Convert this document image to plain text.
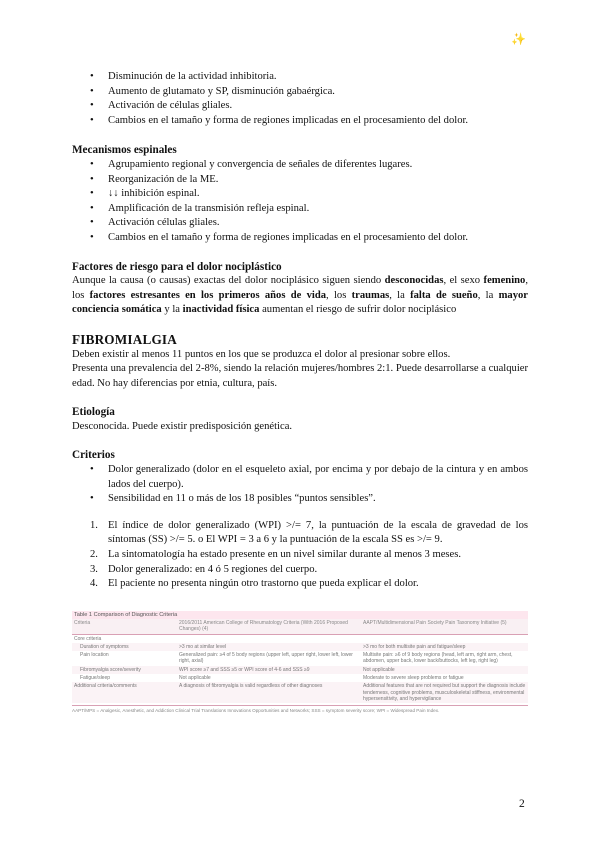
✨
• Disminución de la actividad inhibitoria.
• Aumento de glutamato y SP, disminución gabaérgica.
• Activación de células gliales.
• Cambios en el tamaño y forma de regiones implicadas en el procesamiento del dolor.
Mecanismos espinales
• Agrupamiento regional y convergencia de señales de diferentes lugares.
• Reorganización de la ME.
• ↓↓ inhibición espinal.
• Amplificación de la transmisión refleja espinal.
• Activación células gliales.
• Cambios en el tamaño y forma de regiones implicadas en el procesamiento del dolor.
Factores de riesgo para el dolor nociplástico

Aunque la causa (o causas) exactas del dolor nociplásico siguen siendo desconocidas, el sexo femenino, los factores estresantes en los primeros años de vida, los traumas, la falta de sueño, la mayor conciencia somática y la inactividad física aumentan el riesgo de sufrir dolor nociplásico

FIBROMIALGIA

Deben existir al menos 11 puntos en los que se produzca el dolor al presionar sobre ellos.

Presenta una prevalencia del 2-8%, siendo la relación mujeres/hombres 2:1. Puede desarrollarse a cualquier edad. No hay diferencias por etnia, cultura, país.

Etiología

Desconocida. Puede existir predisposición genética.

Criterios
• Dolor generalizado (dolor en el esqueleto axial, por encima y por debajo de la cintura y en ambos lados del cuerpo).
• Sensibilidad en 11 o más de los 18 posibles “puntos sensibles”.
1. El índice de dolor generalizado (WPI) >/= 7, la puntuación de la escala de gravedad de los síntomas (SS) >/= 5. o El WPI = 3 a 6 y la puntuación de la escala SS es >/= 9.
2. La sintomatología ha estado presente en un nivel similar durante al menos 3 meses.
3. Dolor generalizado: en 4 ó 5 regiones del cuerpo.
4. El paciente no presenta ningún otro trastorno que pueda explicar el dolor.
Table 1 Comparison of Diagnostic Criteria
Criteria	2016/2011 American College of Rheumatology Criteria (With 2016 Proposed Changes) (4)	AAPT/Multidimensional Pain Society Pain Taxonomy Initiative (5)
Core criteria		
Duration of symptoms	>3 mo at similar level	>3 mo for both multisite pain and fatigue/sleep
Pain location	Generalized pain: ≥4 of 5 body regions (upper left, upper right, lower left, lower right, axial)	Multisite pain: ≥6 of 9 body regions (head, left arm, right arm, chest, abdomen, upper back, lower back/buttocks, left leg, right leg)
Fibromyalgia score/severity	WPI score ≥7 and SSS ≥5 or WPI score of 4-6 and SSS ≥9	Not applicable
Fatigue/sleep	Not applicable	Moderate to severe sleep problems or fatigue
Additional criteria/comments	A diagnosis of fibromyalgia is valid regardless of other diagnoses	Additional features that are not required but support the diagnosis include tenderness, cognitive problems, musculoskeletal stiffness, environmental hypersensitivity, and hypervigilance
AAPT/MPS = Analgesic, Anesthetic, and Addiction Clinical Trial Translations Innovations Opportunities and Networks; SSS = symptom severity score; WPI = Widespread Pain Index.
2
